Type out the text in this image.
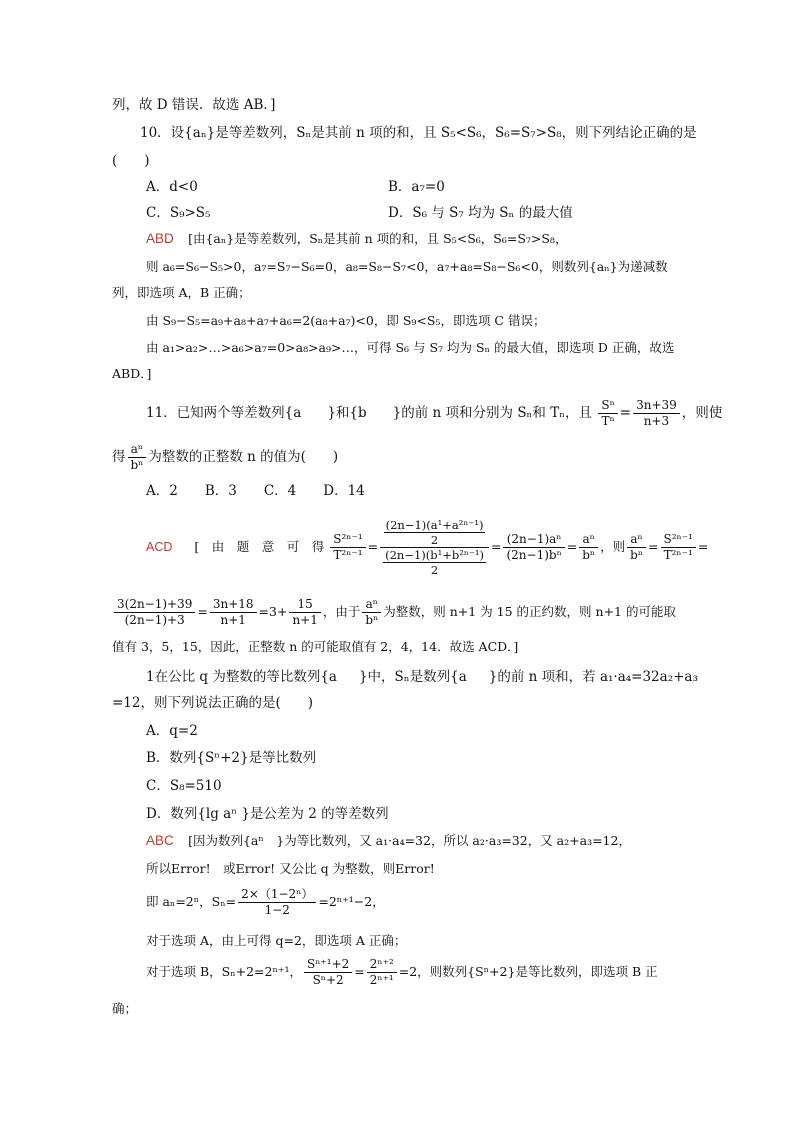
列，故 D 错误．故选 AB．]
10．设{aₙ}是等差数列，Sₙ是其前 n 项的和，且 S₅<S₆，S₆=S₇>S₈，则下列结论正确的是
(　　)
A．d<0	B．a₇=0
C．S₉>S₅	D．S₆ 与 S₇ 均为 Sₙ 的最大值
ABD [由{aₙ}是等差数列，Sₙ是其前 n 项的和，且 S₅<S₆，S₆=S₇>S₈，
则 a₆=S₆−S₅>0，a₇=S₇−S₆=0，a₈=S₈−S₇<0，a₇+a₈=S₈−S₆<0，则数列{aₙ}为递减数
列，即选项 A，B 正确；
由 S₉−S₅=a₉+a₈+a₇+a₆=2(a₈+a₇)<0，即 S₉<S₅，即选项 C 错误；
由 a₁>a₂>…>a₆>a₇=0>a₈>a₉>…，可得 S₆ 与 S₇ 均为 Sₙ 的最大值，即选项 D 正确，故选
ABD．]
11．已知两个等差数列{a }和{b }的前 n 项和分别为 Sₙ和 Tₙ，且 $\frac{\text{Sⁿ}}{\text{Tⁿ}} = \frac{3n+39}{n+3}$ ，则使
得 $\frac{\text{aⁿ}}{\text{bⁿ}}$ 为整数的正整数 n 的值为(　　)
A．2　　B．3　　C．4　　D．14
ACD [　由　题　意　可　得 $\frac{\text{S²ⁿ⁻¹}}{\text{T²ⁿ⁻¹}} = \frac{\frac{\text{(2n−1)(a¹+a²ⁿ⁻¹)}}{2}}{\frac{\text{(2n−1)(b¹+b²ⁿ⁻¹)}}{2}} = \frac{\text{(2n−1)aⁿ}}{\text{(2n−1)bⁿ}} = \frac{\text{aⁿ}}{\text{bⁿ}}$ ，则 $\frac{\text{aⁿ}}{\text{bⁿ}} = \frac{\text{S²ⁿ⁻¹}}{\text{T²ⁿ⁻¹}}$ =
$\frac{3(2n-1)+39}{(2n-1)+3} = \frac{3n+18}{n+1} =3+ \frac{15}{n+1}$ ，由于 $\frac{\text{aⁿ}}{\text{bⁿ}}$ 为整数，则 n+1 为 15 的正约数，则 n+1 的可能取
值有 3，5，15，因此，正整数 n 的可能取值有 2，4，14．故选 ACD．]
1在公比 q 为整数的等比数列{a }中，Sₙ是数列{a }的前 n 项和，若 a₁·a₄=32a₂+a₃
=12，则下列说法正确的是(　　)
A．q=2
B．数列{Sⁿ+2}是等比数列
C．S₈=510
D．数列{lg aⁿ }是公差为 2 的等差数列
ABC [因为数列{aⁿ　}为等比数列，又 a₁·a₄=32，所以 a₂·a₃=32，又 a₂+a₃=12，
所以Error!　或Error! 又公比 q 为整数，则Error!
即 aₙ=2ⁿ，$S_n= \frac{\text{2×（1−2ⁿ）}}{1-2} =2^{n+1}-2$，
对于选项 A，由上可得 q=2，即选项 A 正确；
对于选项 B，Sₙ+2=2ⁿ⁺¹， $\frac{\text{Sⁿ⁺¹+2}}{\text{Sⁿ+2}} = \frac{\text{2ⁿ⁺²}}{\text{2ⁿ⁺¹}} =2$，则数列{Sⁿ+2}是等比数列，即选项 B 正
确；
